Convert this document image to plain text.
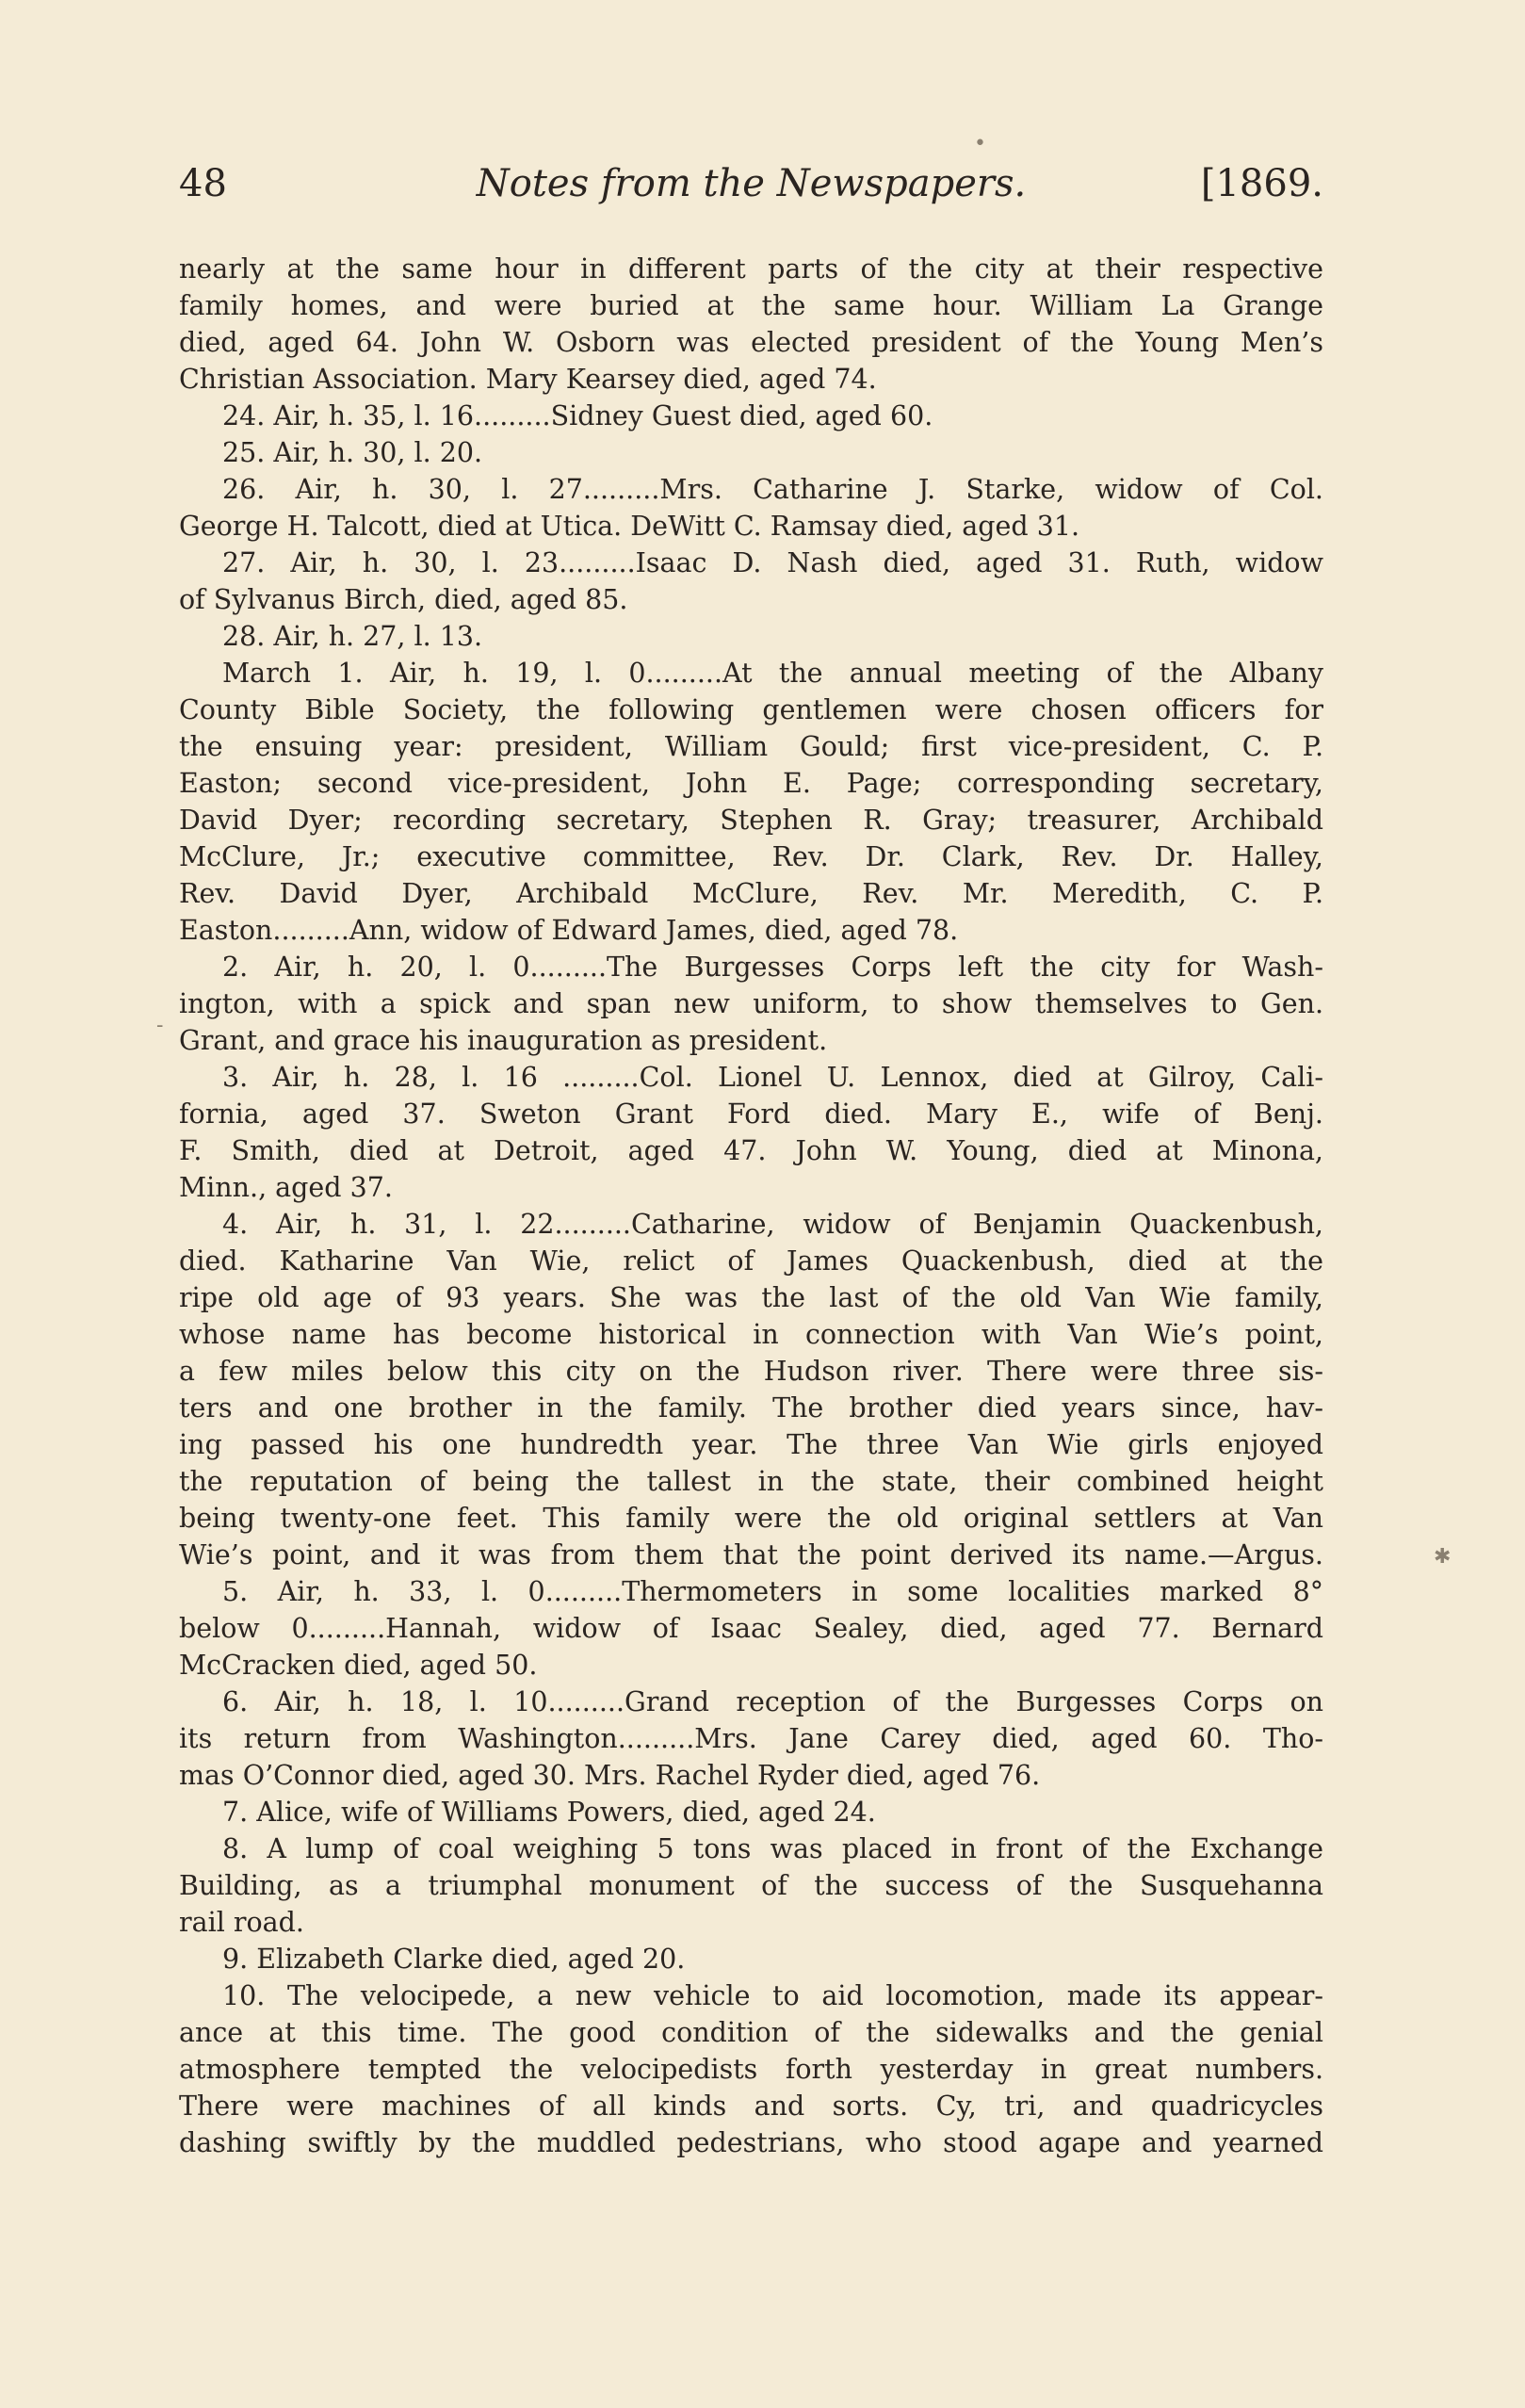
•
-
✱
48	Notes from the Newspapers.	[1869.
nearly at the same hour in different parts of the city at their respective
family homes, and were buried at the same hour. William La Grange
died, aged 64. John W. Osborn was elected president of the Young Men’s
Christian Association. Mary Kearsey died, aged 74.
24. Air, h. 35, l. 16.........Sidney Guest died, aged 60.
25. Air, h. 30, l. 20.
26. Air, h. 30, l. 27.........Mrs. Catharine J. Starke, widow of Col.
George H. Talcott, died at Utica. DeWitt C. Ramsay died, aged 31.
27. Air, h. 30, l. 23.........Isaac D. Nash died, aged 31. Ruth, widow
of Sylvanus Birch, died, aged 85.
28. Air, h. 27, l. 13.
March 1. Air, h. 19, l. 0.........At the annual meeting of the Albany
County Bible Society, the following gentlemen were chosen officers for
the ensuing year: president, William Gould; first vice-president, C. P.
Easton; second vice-president, John E. Page; corresponding secretary,
David Dyer; recording secretary, Stephen R. Gray; treasurer, Archibald
McClure, Jr.; executive committee, Rev. Dr. Clark, Rev. Dr. Halley,
Rev. David Dyer, Archibald McClure, Rev. Mr. Meredith, C. P.
Easton.........Ann, widow of Edward James, died, aged 78.
2. Air, h. 20, l. 0.........The Burgesses Corps left the city for Wash-
ington, with a spick and span new uniform, to show themselves to Gen.
Grant, and grace his inauguration as president.
3. Air, h. 28, l. 16 .........Col. Lionel U. Lennox, died at Gilroy, Cali-
fornia, aged 37. Sweton Grant Ford died. Mary E., wife of Benj.
F. Smith, died at Detroit, aged 47. John W. Young, died at Minona,
Minn., aged 37.
4. Air, h. 31, l. 22.........Catharine, widow of Benjamin Quackenbush,
died. Katharine Van Wie, relict of James Quackenbush, died at the
ripe old age of 93 years. She was the last of the old Van Wie family,
whose name has become historical in connection with Van Wie’s point,
a few miles below this city on the Hudson river. There were three sis-
ters and one brother in the family. The brother died years since, hav-
ing passed his one hundredth year. The three Van Wie girls enjoyed
the reputation of being the tallest in the state, their combined height
being twenty-one feet. This family were the old original settlers at Van
Wie’s point, and it was from them that the point derived its name.—Argus.
5. Air, h. 33, l. 0.........Thermometers in some localities marked 8°
below 0.........Hannah, widow of Isaac Sealey, died, aged 77. Bernard
McCracken died, aged 50.
6. Air, h. 18, l. 10.........Grand reception of the Burgesses Corps on
its return from Washington.........Mrs. Jane Carey died, aged 60. Tho-
mas O’Connor died, aged 30. Mrs. Rachel Ryder died, aged 76.
7. Alice, wife of Williams Powers, died, aged 24.
8. A lump of coal weighing 5 tons was placed in front of the Exchange
Building, as a triumphal monument of the success of the Susquehanna
rail road.
9. Elizabeth Clarke died, aged 20.
10. The velocipede, a new vehicle to aid locomotion, made its appear-
ance at this time. The good condition of the sidewalks and the genial
atmosphere tempted the velocipedists forth yesterday in great numbers.
There were machines of all kinds and sorts. Cy, tri, and quadricycles
dashing swiftly by the muddled pedestrians, who stood agape and yearned
